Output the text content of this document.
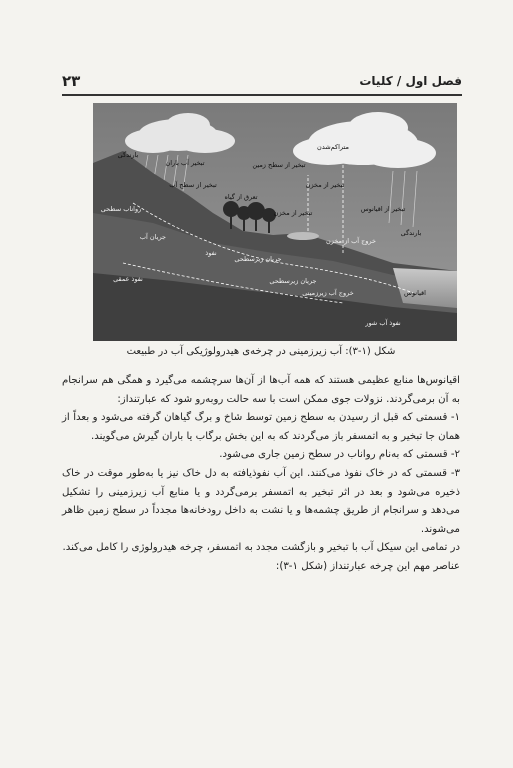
۲۳	فصل اول / کلیات
متراکم‌شدن
بارندگی
تبخیر آب باران	تبخیر از سطح زمین
تبخیر از سطح آب
تعرق از گیاه
تبخیر از اقیانوس
تبخیر از مخزن
تبخیر از مخزن
رواناب سطحی
جریان زیرسطحی
نفوذ
نفوذ عمقی	جریان زیرسطحی
خروج آب زیرزمینی	اقیانوس
نفوذ آب شور
بارندگی
جریان آب	خروج آب از مخزن
شکل (۱-۳): آب زیرزمینی در چرخه‌ی هیدرولوژیکی آب در طبیعت

اقیانوس‌ها منابع عظیمی هستند که همه آب‌ها از آن‌ها سرچشمه می‌گیرد و همگی هم سرانجام به آن برمی‌گردند. نزولات جوی ممکن است با سه حالت روبه‌رو شود که عبارتنداز:

۱- قسمتی که قبل از رسیدن به سطح زمین توسط شاخ و برگ گیاهان گرفته می‌شود و بعداً از همان جا تبخیر و به اتمسفر باز می‌گردند که به این بخش برگاب یا باران گیرش می‌گویند.

۲- قسمتی که به‌نام رواناب در سطح زمین جاری می‌شود.

۳- قسمتی که در خاک نفوذ می‌کنند. این آب نفوذیافته به دل خاک نیز یا به‌طور موقت در خاک ذخیره می‌شود و بعد در اثر تبخیر به اتمسفر برمی‌گردد و یا منابع آب زیرزمینی را تشکیل می‌دهد و سرانجام از طریق چشمه‌ها و یا نشت به داخل رودخانه‌ها مجدداً در سطح زمین ظاهر می‌شوند.

در تمامی این سیکل آب با تبخیر و بازگشت مجدد به اتمسفر، چرخه هیدرولوژی را کامل می‌کند.

عناصر مهم این چرخه عبارتنداز (شکل ۱-۳):
